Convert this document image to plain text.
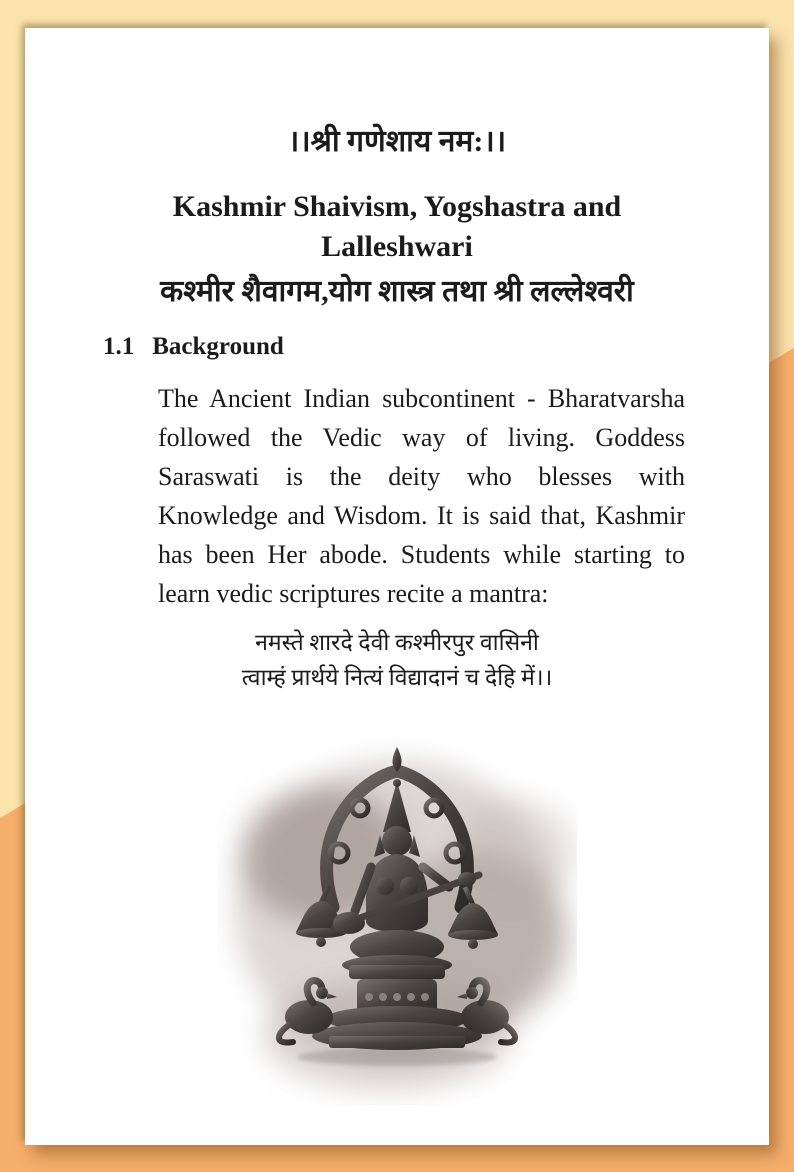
।।श्री गणेशाय नम:।।
Kashmir Shaivism, Yogshastra and
Lalleshwari
कश्मीर शैवागम,योग शास्त्र तथा श्री लल्लेश्वरी
1.1 Background

The Ancient Indian subcontinent - Bharatvarsha followed the Vedic way of living. Goddess Saraswati is the deity who blesses with Knowledge and Wisdom. It is said that, Kashmir has been Her abode. Students while starting to learn vedic scriptures recite a mantra:

नमस्ते शारदे देवी कश्मीरपुर वासिनी
त्वाम्हं प्रार्थये नित्यं विद्यादानं च देहि में।।
